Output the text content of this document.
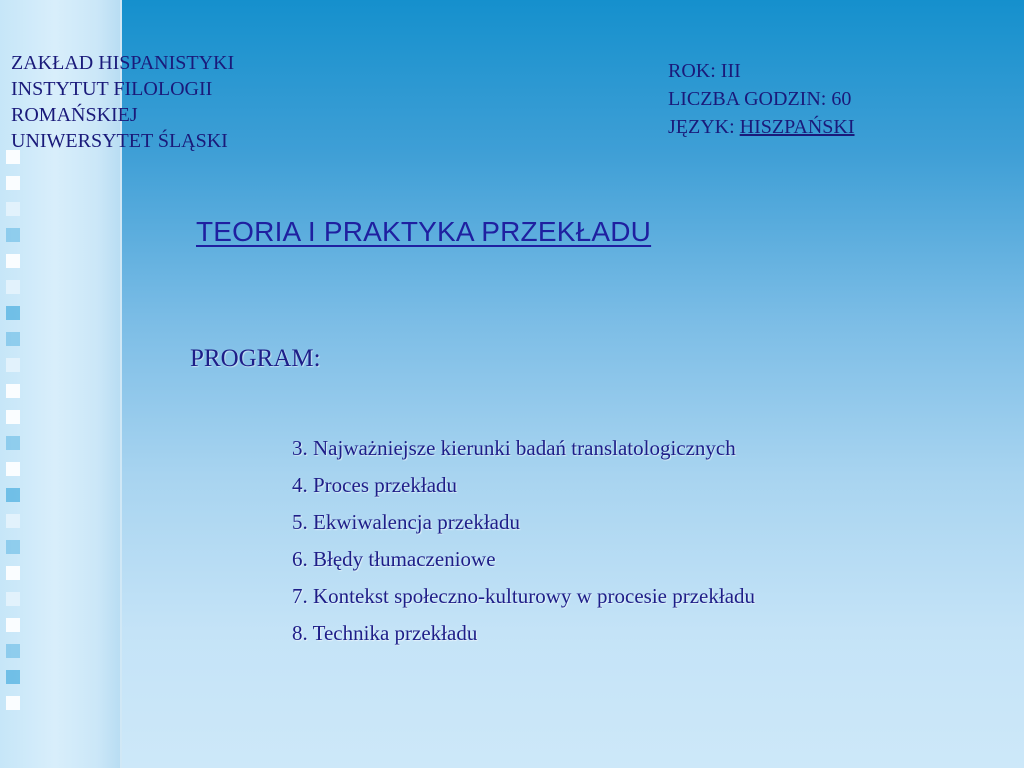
ZAKŁAD HISPANISTYKI
INSTYTUT FILOLOGII
ROMAŃSKIEJ
UNIWERSYTET ŚLĄSKI
ROK: III
LICZBA GODZIN: 60
JĘZYK: HISZPAŃSKI
TEORIA I PRAKTYKA PRZEKŁADU
PROGRAM:
3. Najważniejsze kierunki badań translatologicznych
4. Proces przekładu
5. Ekwiwalencja przekładu
6. Błędy tłumaczeniowe
7. Kontekst społeczno-kulturowy w procesie przekładu
8. Technika przekładu
